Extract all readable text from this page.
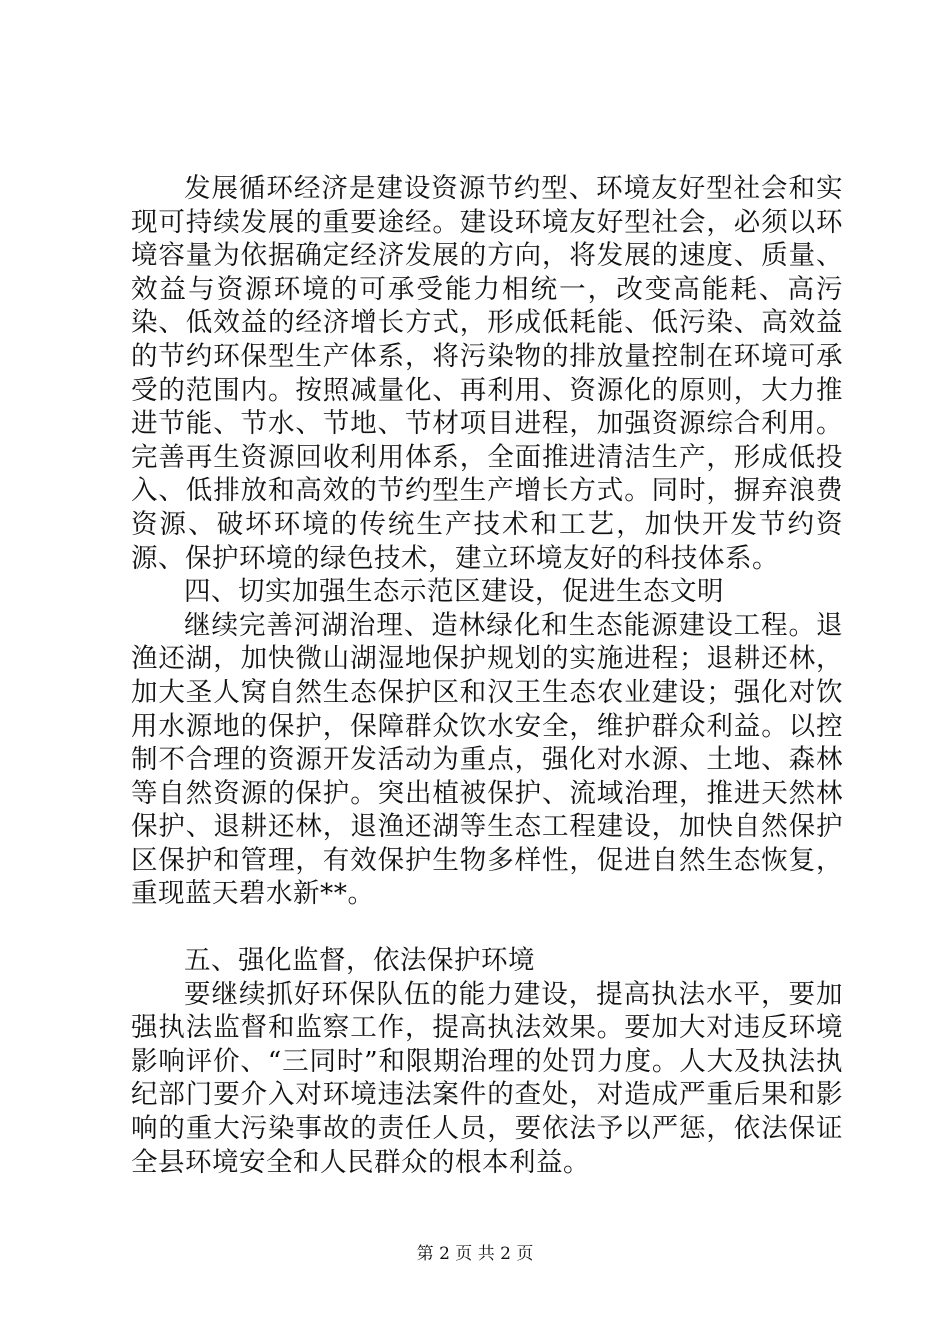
发展循环经济是建设资源节约型、环境友好型社会和实现可持续发展的重要途经。建设环境友好型社会，必须以环境容量为依据确定经济发展的方向，将发展的速度、质量、效益与资源环境的可承受能力相统一，改变高能耗、高污染、低效益的经济增长方式，形成低耗能、低污染、高效益的节约环保型生产体系，将污染物的排放量控制在环境可承受的范围内。按照减量化、再利用、资源化的原则，大力推进节能、节水、节地、节材项目进程，加强资源综合利用。完善再生资源回收利用体系，全面推进清洁生产，形成低投入、低排放和高效的节约型生产增长方式。同时，摒弃浪费资源、破坏环境的传统生产技术和工艺，加快开发节约资源、保护环境的绿色技术，建立环境友好的科技体系。

四、切实加强生态示范区建设，促进生态文明

继续完善河湖治理、造林绿化和生态能源建设工程。退渔还湖，加快微山湖湿地保护规划的实施进程；退耕还林，加大圣人窝自然生态保护区和汉王生态农业建设；强化对饮用水源地的保护，保障群众饮水安全，维护群众利益。以控制不合理的资源开发活动为重点，强化对水源、土地、森林等自然资源的保护。突出植被保护、流域治理，推进天然林保护、退耕还林，退渔还湖等生态工程建设，加快自然保护区保护和管理，有效保护生物多样性，促进自然生态恢复，重现蓝天碧水新**。

五、强化监督，依法保护环境

要继续抓好环保队伍的能力建设，提高执法水平，要加强执法监督和监察工作，提高执法效果。要加大对违反环境影响评价、“三同时”和限期治理的处罚力度。人大及执法执纪部门要介入对环境违法案件的查处，对造成严重后果和影响的重大污染事故的责任人员，要依法予以严惩，依法保证全县环境安全和人民群众的根本利益。

第 2 页 共 2 页
